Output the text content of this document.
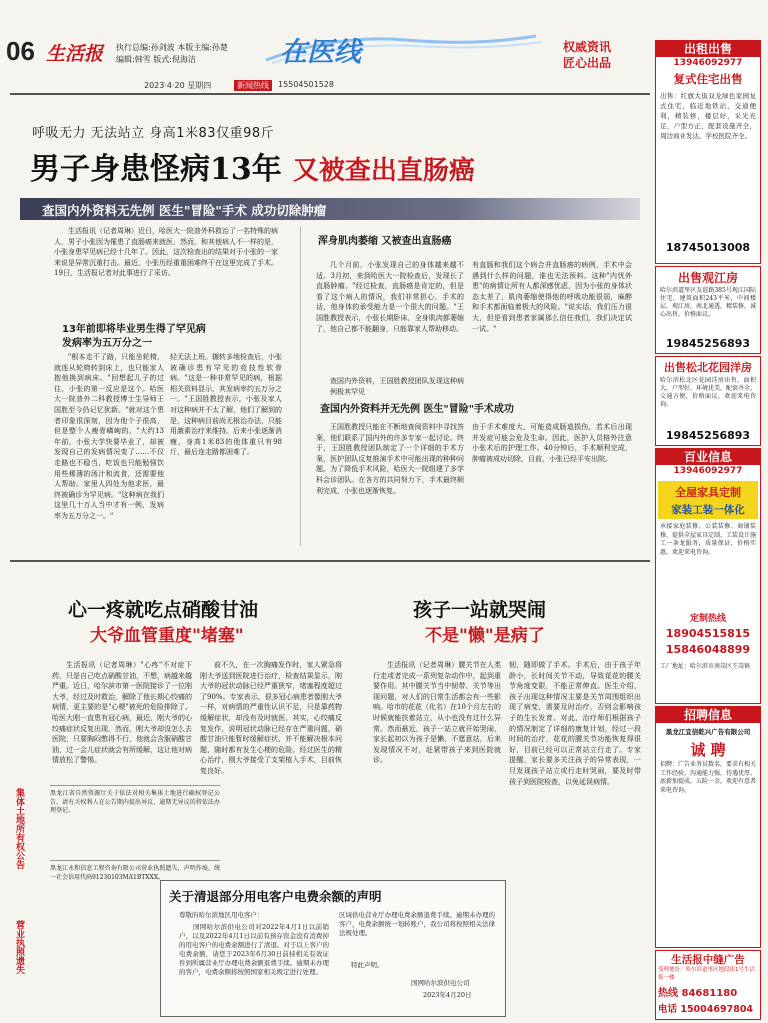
06 生活报 执行总编:孙剑波 本版主编:孙楚
编辑:韩雪 版式:倪海洁	在医线	权威资讯
匠心出品
2023·4·20 星期四	新闻热线	15504501528
呼吸无力 无法站立 身高1米83仅重98斤
男子身患怪病13年 又被查出直肠癌
查国内外资料无先例 医生"冒险"手术 成功切除肿瘤
生活报讯（记者周琳）近日，哈医大一院普外科救治了一名特殊的病人，男子小张因为罹患了直肠癌来就医，然而，和其他病人不一样的是，小张身患罕见病已经十几年了。因此，这次检查出的结果对于小张的一家来说是异常沉重打击。最近，小张历经重重困难终于在这里完成了手术。19日，生活报记者对此事进行了采访。
13年前即将毕业男生得了罕见病
发病率为五万分之一
"根本走不了路，只能坐轮椅，就连从轮椅转到床上，也只能家人抱他换到病床。"回想起儿子的过往，小张的第一反应是这个。哈医大一院普外二科教授博士生导师王国胜至今仍记忆犹新。"就对这个患者印象很深刻，因为他个子很高，但是整个人瘦骨嶙峋的。"大约13年前，小张大学快要毕业了，却被发现自己的发病情况变了……不仅走路也不稳当，吃饭也只能勉强饮用些稀薄的汤汁和流食，还需要他人帮助。家里人四处为他求医，最终被确诊为罕见病。"这种病在我们这里几十万人当中才有一例，发病率为五万分之一。"
轻无法上班。辗转多地检查后，小张被确诊患有罕见的竞技性软骨病。"这是一种非常罕见的病，根据相关资料显示，其发病率约五万分之一。"王国胜教授表示，小张及家人对这种病并不太了解，他们了解到的是，这种病目前尚无根治办法，只能用激素治疗来维持。后来小张逐渐消瘦，身高1米83的他体重只有98斤，最后连走路都困难了。
浑身肌肉萎缩 又被查出直肠癌
几个月前，小张发现自己的身体越来越不适。3月初，来到哈医大一院检查后，发现长了直肠肿瘤。"经过检查，直肠癌是肯定的，但是看了这个病人的情况，我们非常担心，手术的话，他身体的承受能力是一个很大的问题。"王国胜教授表示，小张长期卧床，全身肌肉都萎缩了，他自己都不能翻身，只能靠家人帮助移动。
有直肠和我们这个病合并直肠癌的病例，手术中会遇到什么样的问题，谁也无法预料。这种"内忧外患"的病情让所有人都深感忧虑，因为小张的身体状态太差了，肌肉萎缩使得他的呼吸功能很弱，麻醉和手术都面临着极大的风险。"说实话，我们压力很大，但是看到患者家属那么信任我们，我们决定试一试。"
查国内外资料，王国胜教授团队发现这种病例极其罕见
查国内外资料并无先例 医生"冒险"手术成功
王国胜教授只能在不断地查阅资料中寻找答案，他们联系了国内外的许多专家一起讨论。终于，王国胜教授团队制定了一个详细的手术方案，医护团队反复推演手术中可能出现的种种问题。为了降低手术风险，哈医大一院组建了多学科会诊团队。在各方的共同努力下，手术最终顺利完成，小张也逐渐恢复。
由于手术难度大，可能造成肠道损伤，若术后出现并发症可能会危及生命。因此，医护人员格外注意小张术后的护理工作。40分钟后，手术顺利完成，肿瘤被成功切除，目前，小张已经平安出院。
心一疼就吃点硝酸甘油
大爷血管重度"堵塞"
生活报讯（记者周琳）"心疼"不对症下药，只是自己吃点硝酸甘油，不想，病越来越严重。近日，哈尔滨市第一医院接诊了一位刚大爷，经过及时救治，解除了他长期心绞痛的病情，更主要的是"心梗"被死的危险排除了。哈医大刚一直患有冠心病，最近，刚大爷的心绞痛症状反复出现，然而，刚大爷却没怎么去医院，只要胸闷憋得不行，他就会含服硝酸甘油，过一会儿症状就会有所缓解，这让他对病情放松了警惕。
前不久，在一次胸痛发作时，家人紧急将刚大爷送到医院进行治疗，检查结果显示，刚大爷的冠状动脉已经严重狭窄，堵塞程度超过了90%。专家表示，很多冠心病患者像刚大爷一样，对病情的严重性认识不足，只是靠药物缓解症状，却没有及时就医。其实，心绞痛反复发作，说明冠状动脉已经存在严重问题，硝酸甘油只能暂时缓解症状，并不能解决根本问题，随时都有发生心梗的危险。经过医生的精心治疗，刚大爷接受了支架植入手术，目前恢复良好。
集体土地所有权公告
营业执照遗失
黑龙江省自然资源厅关于依法对相关集体土地进行确权登记公告，请有关权利人在公告期内提出异议，逾期无异议的将依法办理登记。
黑龙江永和信息工程咨询有限公司营业执照遗失，声明作废。统一社会信用代码91230103MA1BTXXX。
孩子一站就哭闹
不是"懒"是病了
生活报讯（记者周琳）腰关节在人类行走或者完成一系列复杂动作中，起到重要作用。其中腰关节当中韧带、关节等出现问题，对人们的日常生活都会有一些影响。哈市的花花（化名）在10个月左右的时候就能扶着站立，从小也没有过什么异常。然而最近，孩子一站立就开始哭闹，家长起初以为孩子是懒，不愿意站，后来发现情况不对，赶紧带孩子来到医院就诊。
韧，随即做了手术。手术后，由于孩子年龄小，长时间关节不动，导致花花的腰关节角度变限，不能正常伸直。医生介绍，孩子出现这种情况主要是关节周围组织出现了病变，需要及时治疗，否则会影响孩子的生长发育。对此，治疗师们根据孩子的情况制定了详细的康复计划，经过一段时间的治疗，花花的腰关节功能恢复得很好，目前已经可以正常站立行走了。专家提醒，家长要多关注孩子的异常表现，一旦发现孩子站立或行走时哭闹，要及时带孩子到医院检查，以免延误病情。
关于清退部分用电客户电费余额的声明
尊敬的哈尔滨地区用电客户：
国网哈尔滨供电公司对2022年4月1日以前销户，以及2022年4月1日以前有预存资金没有消费掉的用电客户的电费余额进行了清退。对于以上客户的电费余额，请您于2023年6月30日前持相关有效证件到所属营业厅办理电费余额退费手续。逾期未办理的客户，电费余额将按照国家相关规定进行处理。
区域供电营业厅办理电费余额退费手续。逾期未办理的客户，电费余额统一划转账户，我公司将按照相关法律法规处理。
特此声明。
国网哈尔滨供电公司
2023年4月20日
出租出售
13946092977
复式住宅出售
出售：红旗大街双龙绿色家园复式住宅，临近地铁站，交通便利，精装修，楼层好，采光充足，户型方正，配套设施齐全，周边商业发达，学校医院齐全。
18745013008
出售观江房
哈尔滨道里区友谊路385号观江国际住宅，建筑面积243平米，中间楼层，观江房，南北通透，精装修，诚心出售，价格面议。
19845256893
出售松北花园洋房
哈尔滨松北区花园洋房出售，面积大，户型好，环境优美，配套齐全，交通方便，价格面议，欢迎来电咨询。
19845256893
百业信息
13946092977
全屋家具定制
家装工装一体化
承接家庭装修、公装装修、商铺装修，提供全屋家具定制、工装设计施工一条龙服务，质量保证，价格实惠，欢迎来电咨询。
定制热线
18904515815
15846048899
工厂地址：哈尔滨市南岗区王岗镇
招聘信息
黑龙江宜信乾兴广告有限公司
诚 聘
招聘：广告业务员数名，要求有相关工作经验，沟通能力强，待遇优厚，底薪加提成，五险一金，欢迎有意者来电咨询。
生活报中缝广告
受理地址：哈尔滨道里区地段街1号生活报一楼
热线 84681180
电话 15004697804
